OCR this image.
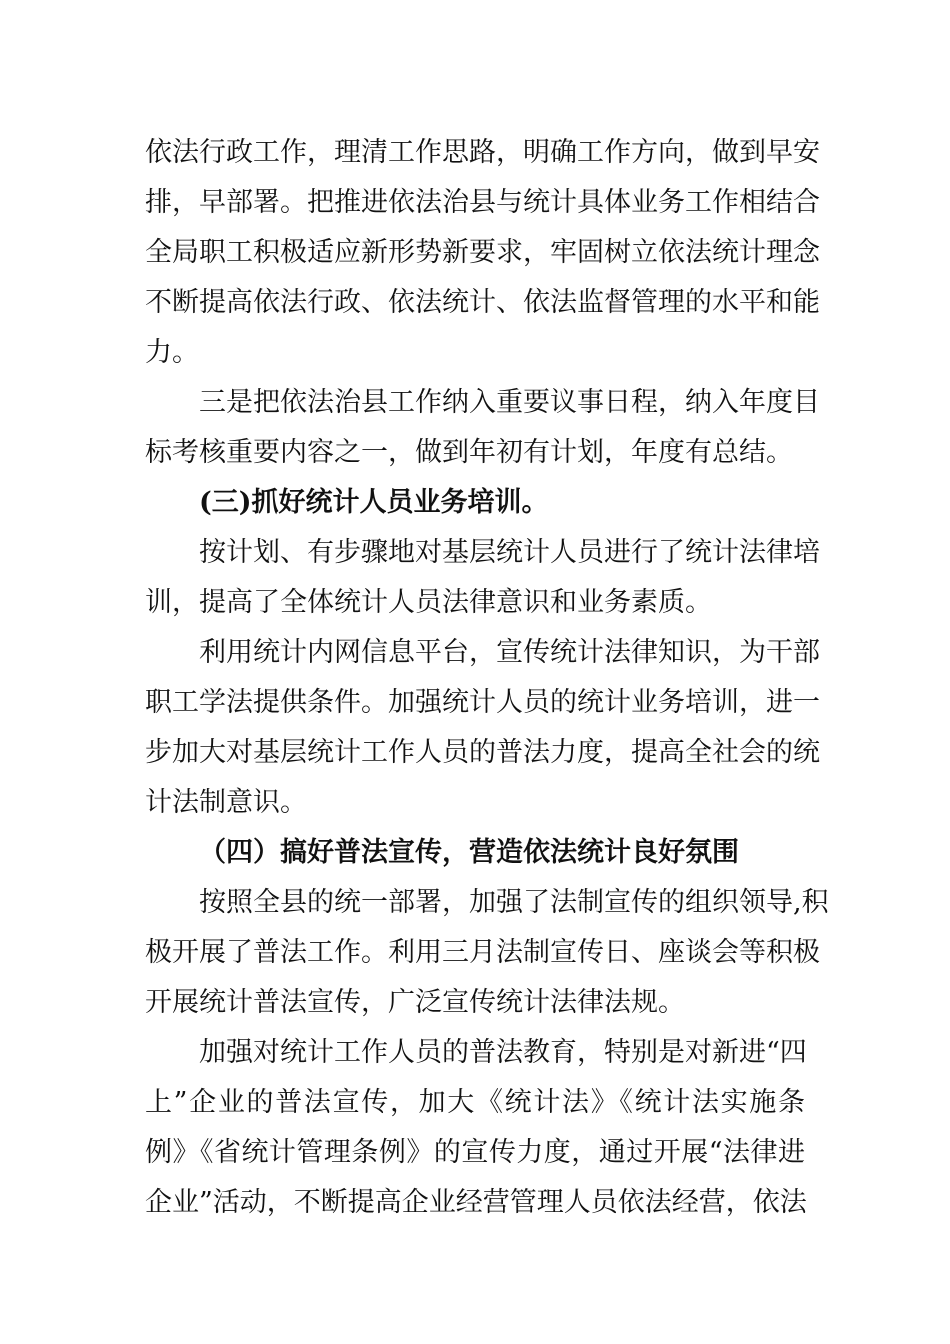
依法行政工作，理清工作思路，明确工作方向，做到早安
排，早部署。把推进依法治县与统计具体业务工作相结合
全局职工积极适应新形势新要求，牢固树立依法统计理念
不断提高依法行政、依法统计、依法监督管理的水平和能
力。
三是把依法治县工作纳入重要议事日程，纳入年度目
标考核重要内容之一，做到年初有计划，年度有总结。
(三)抓好统计人员业务培训。
按计划、有步骤地对基层统计人员进行了统计法律培
训，提高了全体统计人员法律意识和业务素质。
利用统计内网信息平台，宣传统计法律知识，为干部
职工学法提供条件。加强统计人员的统计业务培训，进一
步加大对基层统计工作人员的普法力度，提高全社会的统
计法制意识。
（四）搞好普法宣传，营造依法统计良好氛围
按照全县的统一部署，加强了法制宣传的组织领导,积
极开展了普法工作。利用三月法制宣传日、座谈会等积极
开展统计普法宣传，广泛宣传统计法律法规。
加强对统计工作人员的普法教育，特别是对新进“四
上”企业的普法宣传，加大《统计法》《统计法实施条
例》《省统计管理条例》的宣传力度，通过开展“法律进
企业”活动，不断提高企业经营管理人员依法经营，依法
